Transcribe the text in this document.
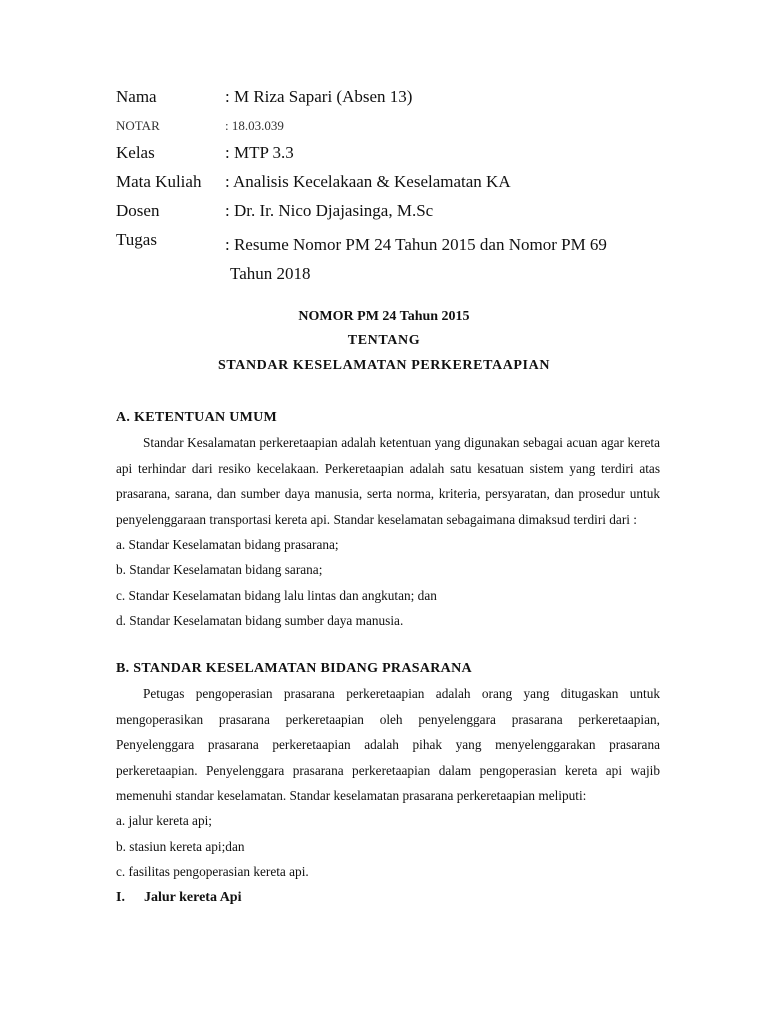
Nama	: M Riza Sapari (Absen 13)
NOTAR	: 18.03.039
Kelas	: MTP 3.3
Mata Kuliah : Analisis Kecelakaan & Keselamatan KA
Dosen	: Dr. Ir. Nico Djajasinga, M.Sc
Tugas	: Resume Nomor PM 24 Tahun 2015 dan Nomor PM 69
Tahun 2018
NOMOR PM 24 Tahun 2015
TENTANG
STANDAR KESELAMATAN PERKERETAAPIAN
A. KETENTUAN UMUM

Standar Kesalamatan perkeretaapian adalah ketentuan yang digunakan sebagai acuan agar kereta api terhindar dari resiko kecelakaan. Perkeretaapian adalah satu kesatuan sistem yang terdiri atas prasarana, sarana, dan sumber daya manusia, serta norma, kriteria, persyaratan, dan prosedur untuk penyelenggaraan transportasi kereta api. Standar keselamatan sebagaimana dimaksud terdiri dari :

a. Standar Keselamatan bidang prasarana;
b. Standar Keselamatan bidang sarana;
c. Standar Keselamatan bidang lalu lintas dan angkutan; dan
d. Standar Keselamatan bidang sumber daya manusia.
B. STANDAR KESELAMATAN BIDANG PRASARANA

Petugas pengoperasian prasarana perkeretaapian adalah orang yang ditugaskan untuk mengoperasikan prasarana perkeretaapian oleh penyelenggara prasarana perkeretaapian, Penyelenggara prasarana perkeretaapian adalah pihak yang menyelenggarakan prasarana perkeretaapian. Penyelenggara prasarana perkeretaapian dalam pengoperasian kereta api wajib memenuhi standar keselamatan. Standar keselamatan prasarana perkeretaapian meliputi:

a. jalur kereta api;
b. stasiun kereta api;dan
c. fasilitas pengoperasian kereta api.
I. Jalur kereta Api
